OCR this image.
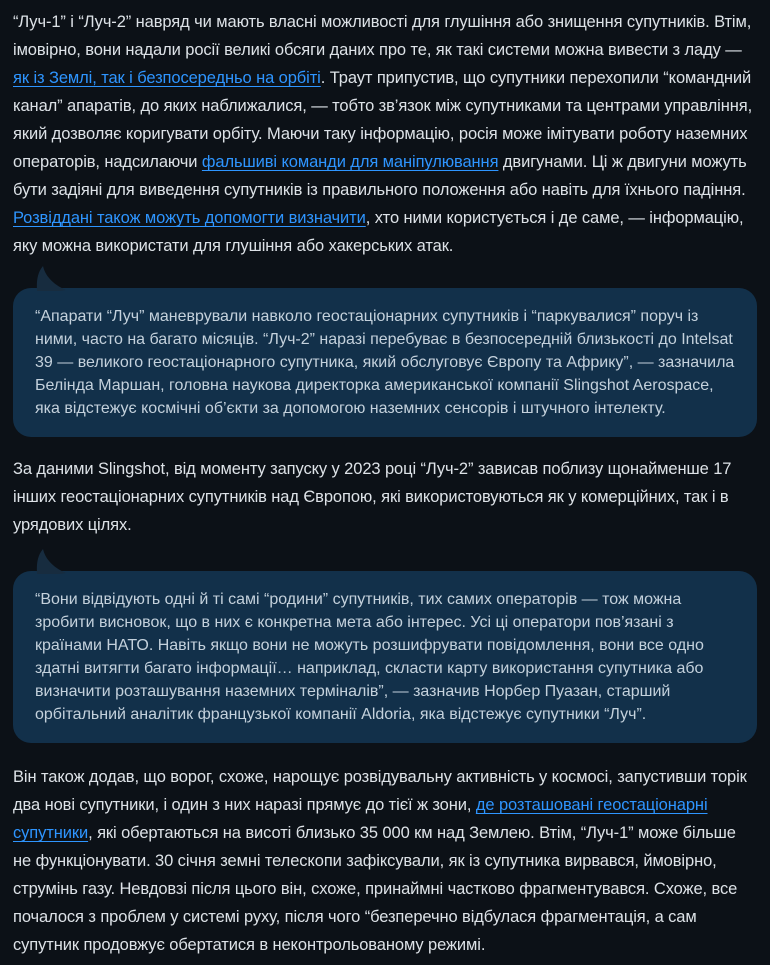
“Луч-1” і “Луч-2” навряд чи мають власні можливості для глушіння або знищення супутників. Втім, імовірно, вони надали росії великі обсяги даних про те, як такі системи можна вивести з ладу — як із Землі, так і безпосередньо на орбіті. Траут припустив, що супутники перехопили “командний канал” апаратів, до яких наближалися, — тобто зв’язок між супутниками та центрами управління, який дозволяє коригувати орбіту. Маючи таку інформацію, росія може імітувати роботу наземних операторів, надсилаючи фальшиві команди для маніпулювання двигунами. Ці ж двигуни можуть бути задіяні для виведення супутників із правильного положення або навіть для їхнього падіння. Розвіддані також можуть допомогти визначити, хто ними користується і де саме, — інформацію, яку можна використати для глушіння або хакерських атак.

“Апарати “Луч” маневрували навколо геостаціонарних супутників і “паркувалися” поруч із ними, часто на багато місяців. “Луч-2” наразі перебуває в безпосередній близькості до Intelsat 39 — великого геостаціонарного супутника, який обслуговує Європу та Африку”, — зазначила Белінда Маршан, головна наукова директорка американської компанії Slingshot Aerospace, яка відстежує космічні об’єкти за допомогою наземних сенсорів і штучного інтелекту.

За даними Slingshot, від моменту запуску у 2023 році “Луч-2” зависав поблизу щонайменше 17 інших геостаціонарних супутників над Європою, які використовуються як у комерційних, так і в урядових цілях.

“Вони відвідують одні й ті самі “родини” супутників, тих самих операторів — тож можна зробити висновок, що в них є конкретна мета або інтерес. Усі ці оператори пов’язані з країнами НАТО. Навіть якщо вони не можуть розшифрувати повідомлення, вони все одно здатні витягти багато інформації… наприклад, скласти карту використання супутника або визначити розташування наземних терміналів”, — зазначив Норбер Пуазан, старший орбітальний аналітик французької компанії Aldoria, яка відстежує супутники “Луч”.

Він також додав, що ворог, схоже, нарощує розвідувальну активність у космосі, запустивши торік два нові супутники, і один з них наразі прямує до тієї ж зони, де розташовані геостаціонарні супутники, які обертаються на висоті близько 35 000 км над Землею. Втім, “Луч-1” може більше не функціонувати. 30 січня земні телескопи зафіксували, як із супутника вирвався, ймовірно, струмінь газу. Невдовзі після цього він, схоже, принаймні частково фрагментувався. Схоже, все почалося з проблем у системі руху, після чого “безперечно відбулася фрагментація, а сам супутник продовжує обертатися в неконтрольованому режимі.
